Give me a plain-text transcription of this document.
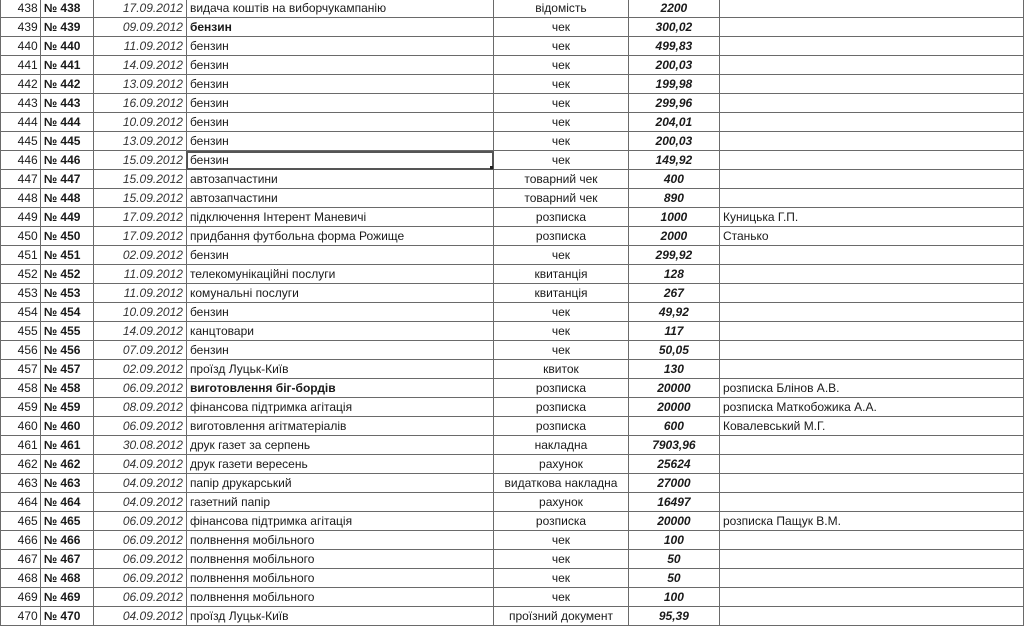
438	№ 438	17.09.2012	видача коштів на виборчукампанію	відомість	2200	
439	№ 439	09.09.2012	бензин	чек	300,02	
440	№ 440	11.09.2012	бензин	чек	499,83	
441	№ 441	14.09.2012	бензин	чек	200,03	
442	№ 442	13.09.2012	бензин	чек	199,98	
443	№ 443	16.09.2012	бензин	чек	299,96	
444	№ 444	10.09.2012	бензин	чек	204,01	
445	№ 445	13.09.2012	бензин	чек	200,03	
446	№ 446	15.09.2012	бензин	чек	149,92	
447	№ 447	15.09.2012	автозапчастини	товарний чек	400	
448	№ 448	15.09.2012	автозапчастини	товарний чек	890	
449	№ 449	17.09.2012	підключення Інтерент Маневичі	розписка	1000	Куницька Г.П.
450	№ 450	17.09.2012	придбання футбольна форма Рожище	розписка	2000	Станько
451	№ 451	02.09.2012	бензин	чек	299,92	
452	№ 452	11.09.2012	телекомунікаційні послуги	квитанція	128	
453	№ 453	11.09.2012	комунальні послуги	квитанція	267	
454	№ 454	10.09.2012	бензин	чек	49,92	
455	№ 455	14.09.2012	канцтовари	чек	117	
456	№ 456	07.09.2012	бензин	чек	50,05	
457	№ 457	02.09.2012	проїзд Луцьк-Київ	квиток	130	
458	№ 458	06.09.2012	виготовлення біг-бордів	розписка	20000	розписка Блінов А.В.
459	№ 459	08.09.2012	фінансова підтримка агітація	розписка	20000	розписка Маткобожика А.А.
460	№ 460	06.09.2012	виготовлення агітматеріалів	розписка	600	Ковалевський М.Г.
461	№ 461	30.08.2012	друк газет за серпень	накладна	7903,96	
462	№ 462	04.09.2012	друк газети вересень	рахунок	25624	
463	№ 463	04.09.2012	папір друкарський	видаткова накладна	27000	
464	№ 464	04.09.2012	газетний папір	рахунок	16497	
465	№ 465	06.09.2012	фінансова підтримка агітація	розписка	20000	розписка Пащук В.М.
466	№ 466	06.09.2012	полвнення мобільного	чек	100	
467	№ 467	06.09.2012	полвнення мобільного	чек	50	
468	№ 468	06.09.2012	полвнення мобільного	чек	50	
469	№ 469	06.09.2012	полвнення мобільного	чек	100	
470	№ 470	04.09.2012	проїзд Луцьк-Київ	проїзний документ	95,39	
